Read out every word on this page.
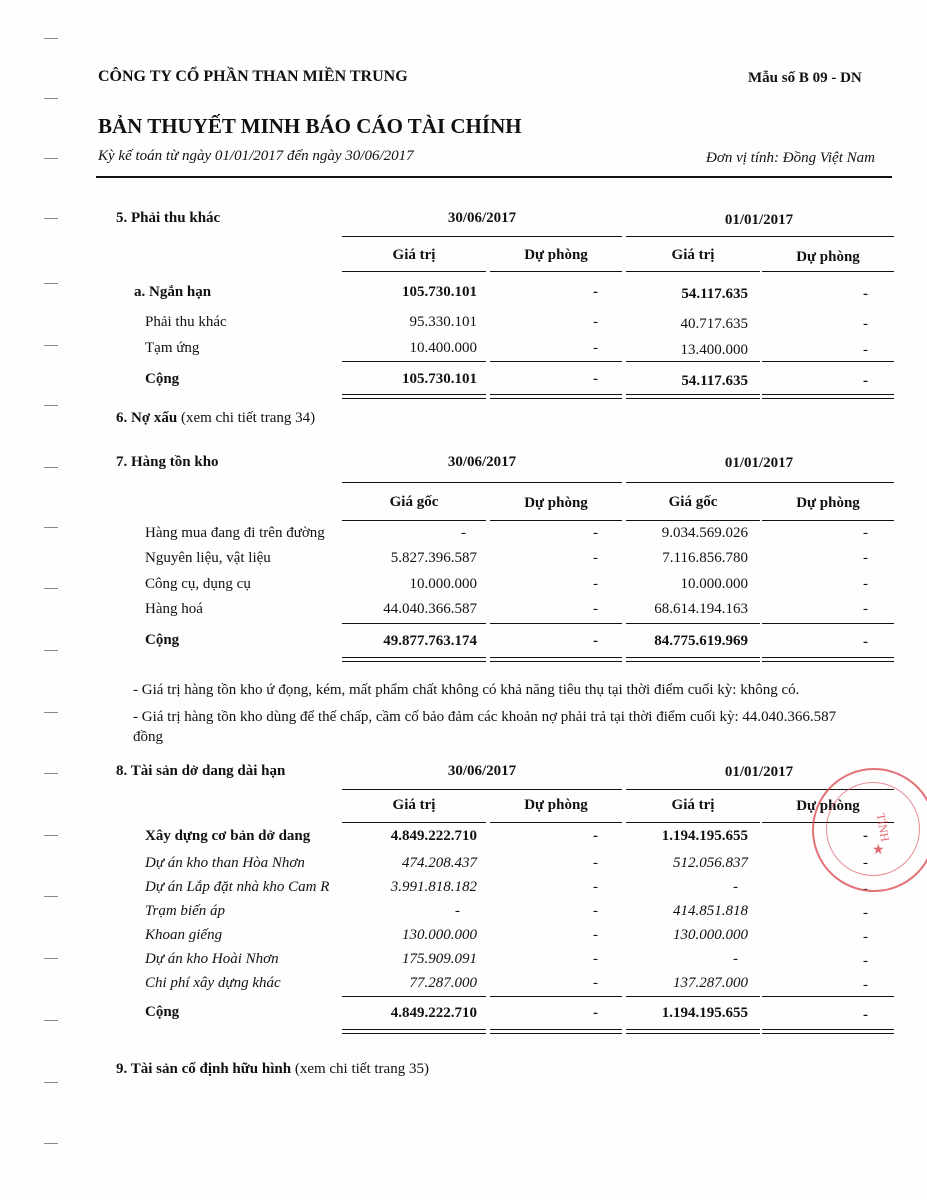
CÔNG TY CỔ PHẦN THAN MIỀN TRUNG	Mẫu số B 09 - DN
BẢN THUYẾT MINH BÁO CÁO TÀI CHÍNH
Kỳ kế toán từ ngày 01/01/2017 đến ngày 30/06/2017	Đơn vị tính: Đồng Việt Nam
5. Phải thu khác	30/06/2017	01/01/2017
Giá trị	Dự phòng	Giá trị	Dự phòng
a. Ngắn hạn	105.730.101	-	54.117.635	-
Phải thu khác	95.330.101	-	40.717.635	-
Tạm ứng	10.400.000	-	13.400.000	-
Cộng	105.730.101	-	54.117.635	-
6. Nợ xấu (xem chi tiết trang 34)
7. Hàng tồn kho	30/06/2017	01/01/2017
Giá gốc	Dự phòng	Giá gốc	Dự phòng
Hàng mua đang đi trên đường	-	-	9.034.569.026	-
Nguyên liệu, vật liệu	5.827.396.587	-	7.116.856.780	-
Công cụ, dụng cụ	10.000.000	-	10.000.000	-
Hàng hoá	44.040.366.587	-	68.614.194.163	-
Cộng	49.877.763.174	-	84.775.619.969	-
- Giá trị hàng tồn kho ứ đọng, kém, mất phẩm chất không có khả năng tiêu thụ tại thời điểm cuối kỳ: không có.
- Giá trị hàng tồn kho dùng để thế chấp, cầm cố bảo đảm các khoản nợ phải trả tại thời điểm cuối kỳ: 44.040.366.587
đồng
8. Tài sản dở dang dài hạn	30/06/2017	01/01/2017
Giá trị	Dự phòng	Giá trị	Dự phòng
Xây dựng cơ bản dở dang	4.849.222.710	-	1.194.195.655	-
Dự án kho than Hòa Nhơn	474.208.437	-	512.056.837	-
Dự án Lắp đặt nhà kho Cam R	3.991.818.182	-	-	-
Trạm biến áp	-	-	414.851.818	-
Khoan giếng	130.000.000	-	130.000.000	-
Dự án kho Hoài Nhơn	175.909.091	-	-	-
Chi phí xây dựng khác	77.287.000	-	137.287.000	-
Cộng	4.849.222.710	-	1.194.195.655	-
9. Tài sản cố định hữu hình (xem chi tiết trang 35)
TỈNH
★
